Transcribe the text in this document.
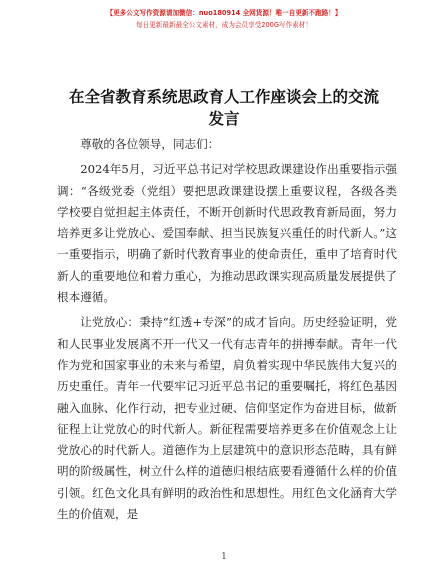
【更多公文写作资源请加微信：nuo180914 全网货源！唯一自更新不跑路！】
每日更新最新最全公文素材，成为会员享受200G写作素材！
在全省教育系统思政育人工作座谈会上的交流
发言

尊敬的各位领导，同志们：

2024年5月，习近平总书记对学校思政课建设作出重要指示强调：“各级党委（党组）要把思政课建设摆上重要议程，各级各类学校要自觉担起主体责任，不断开创新时代思政教育新局面，努力培养更多让党放心、爱国奉献、担当民族复兴重任的时代新人。”这一重要指示，明确了新时代教育事业的使命责任，重申了培育时代新人的重要地位和着力重心，为推动思政课实现高质量发展提供了根本遵循。

让党放心：秉持“红透+专深”的成才旨向。历史经验证明，党和人民事业发展离不开一代又一代有志青年的拼搏奉献。青年一代作为党和国家事业的未来与希望，肩负着实现中华民族伟大复兴的历史重任。青年一代要牢记习近平总书记的重要嘱托，将红色基因融入血脉、化作行动，把专业过硬、信仰坚定作为奋进目标，做新征程上让党放心的时代新人。新征程需要培养更多在价值观念上让党放心的时代新人。道德作为上层建筑中的意识形态范畴，具有鲜明的阶级属性，树立什么样的道德归根结底要看遵循什么样的价值引领。红色文化具有鲜明的政治性和思想性。用红色文化涵育大学生的价值观，是

1
